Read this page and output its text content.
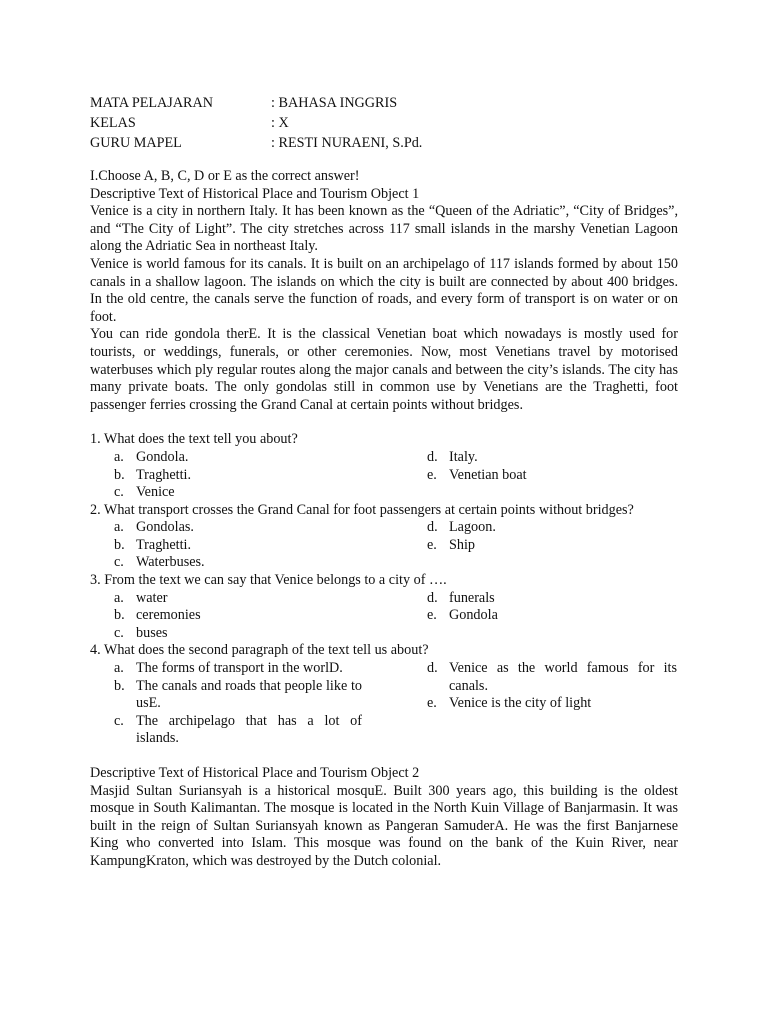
MATA PELAJARAN	: BAHASA INGGRIS
KELAS	: X
GURU MAPEL	: RESTI NURAENI, S.Pd.
I.Choose A, B, C, D or E as the correct answer!
Descriptive Text of Historical Place and Tourism Object 1

Venice is a city in northern Italy. It has been known as the “Queen of the Adriatic”, “City of Bridges”, and “The City of Light”. The city stretches across 117 small islands in the marshy Venetian Lagoon along the Adriatic Sea in northeast Italy.

Venice is world famous for its canals. It is built on an archipelago of 117 islands formed by about 150 canals in a shallow lagoon. The islands on which the city is built are connected by about 400 bridges. In the old centre, the canals serve the function of roads, and every form of transport is on water or on foot.

You can ride gondola therE. It is the classical Venetian boat which nowadays is mostly used for tourists, or weddings, funerals, or other ceremonies. Now, most Venetians travel by motorised waterbuses which ply regular routes along the major canals and between the city’s islands. The city has many private boats. The only gondolas still in common use by Venetians are the Traghetti, foot passenger ferries crossing the Grand Canal at certain points without bridges.

1. What does the text tell you about?
a. Gondola.
b. Traghetti.
c. Venice
d. Italy.
e. Venetian boat
2. What transport crosses the Grand Canal for foot passengers at certain points without bridges?
a. Gondolas.
b. Traghetti.
c. Waterbuses.
d. Lagoon.
e. Ship
3. From the text we can say that Venice belongs to a city of ….
a. water
b. ceremonies
c. buses
d. funerals
e. Gondola
4. What does the second paragraph of the text tell us about?
a. The forms of transport in the worlD.
b. The canals and roads that people like to usE.
c. The archipelago that has a lot of islands.
d. Venice as the world famous for its canals.
e. Venice is the city of light
Descriptive Text of Historical Place and Tourism Object 2

Masjid Sultan Suriansyah is a historical mosquE. Built 300 years ago, this building is the oldest mosque in South Kalimantan. The mosque is located in the North Kuin Village of Banjarmasin. It was built in the reign of Sultan Suriansyah known as Pangeran SamuderA. He was the first Banjarnese King who converted into Islam. This mosque was found on the bank of the Kuin River, near KampungKraton, which was destroyed by the Dutch colonial.
